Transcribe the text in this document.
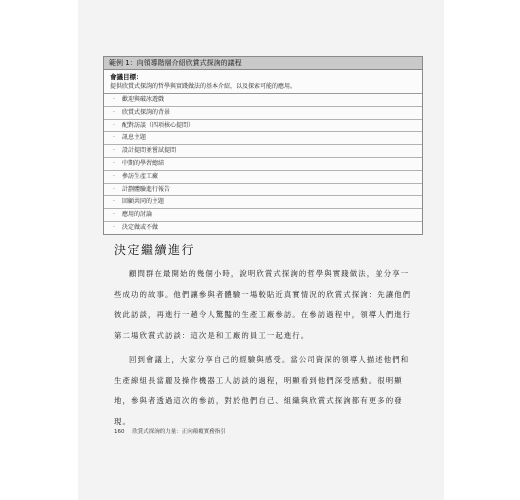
範例 1：向領導階層介紹欣賞式探詢的議程
會議目標：
提供欣賞式探詢的哲學與實踐做法的基本介紹，以及探索可能的應用。
· 歡迎與破冰遊戲
· 欣賞式探詢的背景
· 配對訪談（四項核心提問）
· 訊息主題
· 設計提問並嘗試提問
· 中期的學習總結
· 參訪生產工廠
· 計劃體驗進行報告
· 回顧共同的主題
· 應用的討論
· 決定做或不做
決定繼續進行

顧問群在最開始的幾個小時，說明欣賞式探詢的哲學與實踐做法，並分享一些成功的故事。他們讓參與者體驗一場較貼近真實情況的欣賞式探詢：先讓他們彼此訪談，再進行一趟令人驚豔的生產工廠參訪。在參訪過程中，領導人們進行第二場欣賞式訪談：這次是和工廠的員工一起進行。

回到會議上，大家分享自己的經驗與感受。當公司資深的領導人描述他們和生產線組長當麗及操作機器工人訪談的過程，明顯看到他們深受感動。很明顯地，參與者透過這次的參訪，對於他們自己、組織與欣賞式探詢都有更多的發現。

160 欣賞式探詢的力量：正向顛覆實務指引
